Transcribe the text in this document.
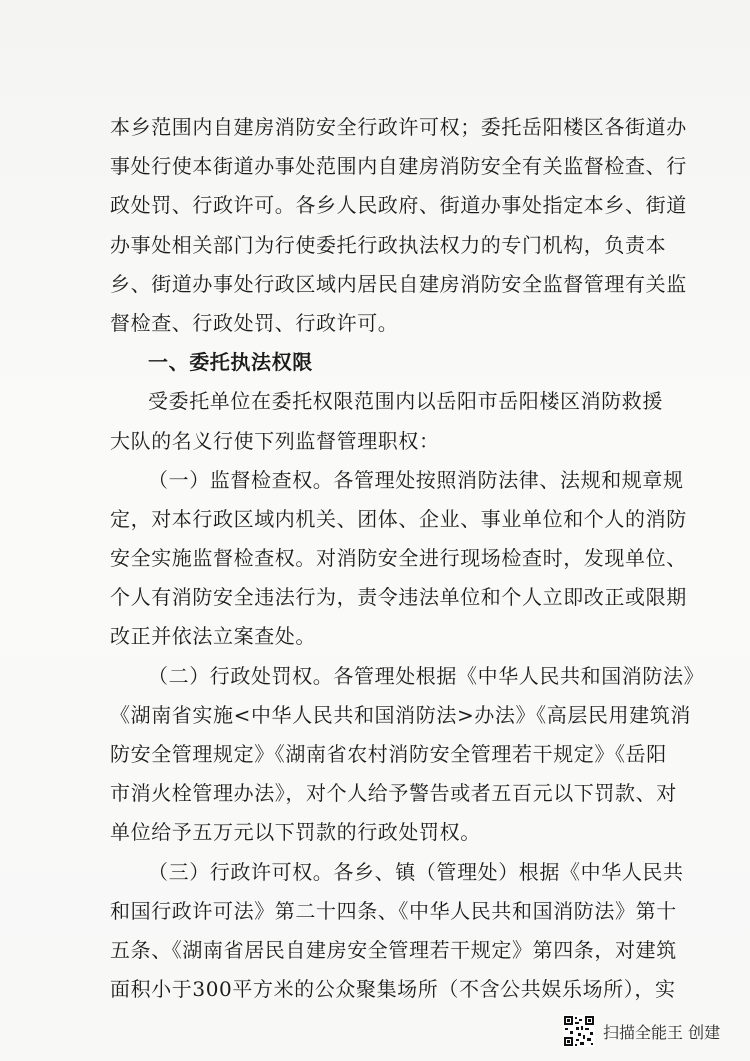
本乡范围内自建房消防安全行政许可权；委托岳阳楼区各街道办
事处行使本街道办事处范围内自建房消防安全有关监督检查、行
政处罚、行政许可。各乡人民政府、街道办事处指定本乡、街道
办事处相关部门为行使委托行政执法权力的专门机构，负责本
乡、街道办事处行政区域内居民自建房消防安全监督管理有关监
督检查、行政处罚、行政许可。
一、委托执法权限
受委托单位在委托权限范围内以岳阳市岳阳楼区消防救援
大队的名义行使下列监督管理职权：
（一）监督检查权。各管理处按照消防法律、法规和规章规
定，对本行政区域内机关、团体、企业、事业单位和个人的消防
安全实施监督检查权。对消防安全进行现场检查时，发现单位、
个人有消防安全违法行为，责令违法单位和个人立即改正或限期
改正并依法立案查处。
（二）行政处罚权。各管理处根据《中华人民共和国消防法》
《湖南省实施<中华人民共和国消防法>办法》《高层民用建筑消
防安全管理规定》《湖南省农村消防安全管理若干规定》《岳阳
市消火栓管理办法》，对个人给予警告或者五百元以下罚款、对
单位给予五万元以下罚款的行政处罚权。
（三）行政许可权。各乡、镇（管理处）根据《中华人民共
和国行政许可法》第二十四条、《中华人民共和国消防法》第十
五条、《湖南省居民自建房安全管理若干规定》第四条，对建筑
面积小于300平方米的公众聚集场所（不含公共娱乐场所），实
扫描全能王 创建
